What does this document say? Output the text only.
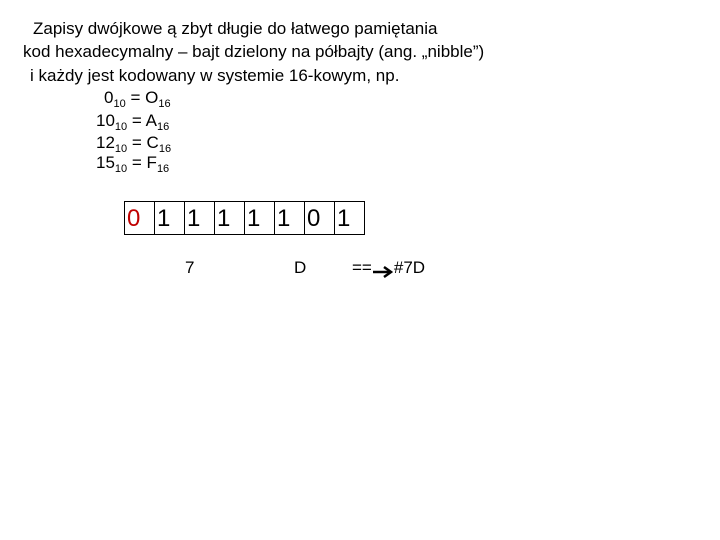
Zapisy dwójkowe ą zbyt długie do łatwego pamiętania
kod hexadecymalny – bajt dzielony na półbajty (ang. „nibble”)
i każdy jest kodowany w systemie 16-kowym, np.
$0_{10} = O_{16}$
$10_{10} = A_{16}$
$12_{10} = C_{16}$
$15_{10} = F_{16}$
0 1 1 1 1 1 0 1
7	D	== #7D
